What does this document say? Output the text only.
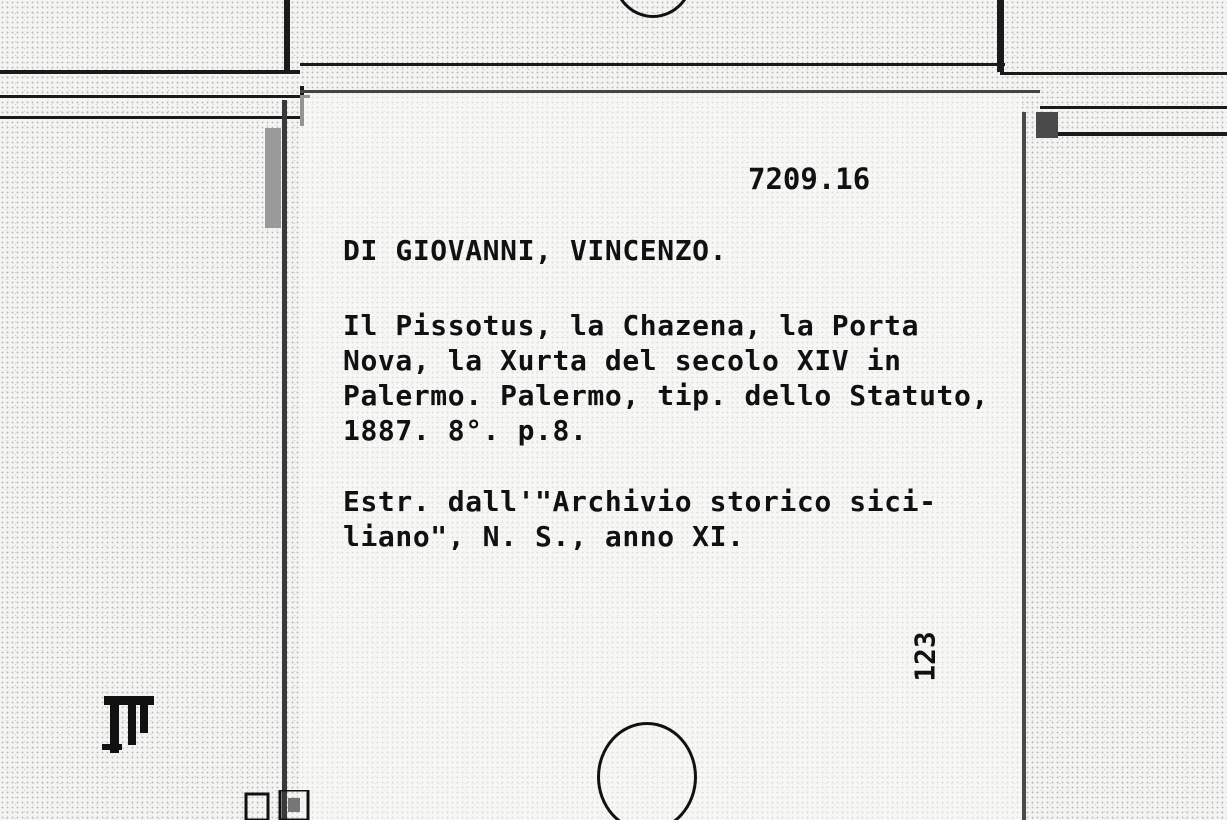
7209.16
DI GIOVANNI, VINCENZO.
Il Pissotus, la Chazena, la Porta
Nova, la Xurta del secolo XIV in
Palermo. Palermo, tip. dello Statuto,
1887. 8°. p.8.
Estr. dall'"Archivio storico sici-
liano", N. S., anno XI.
123
